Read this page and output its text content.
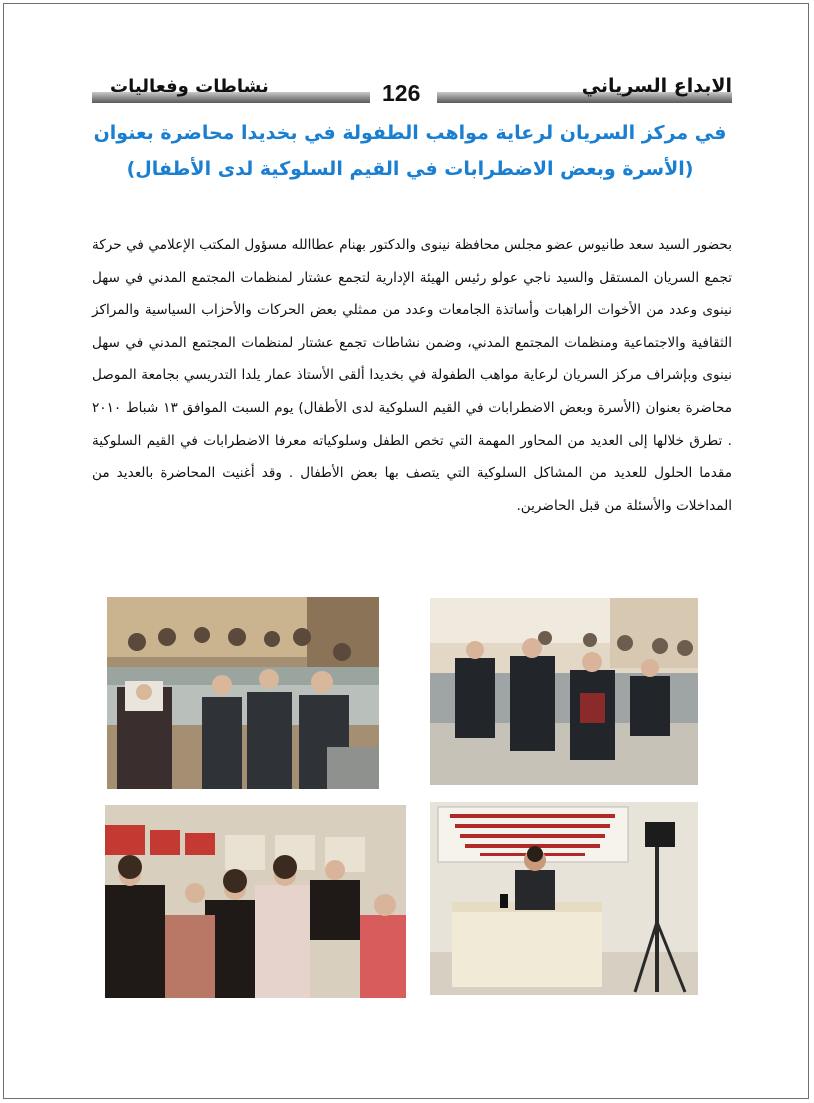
نشاطات وفعاليات	126	الابداع السرياني
في مركز السريان لرعاية مواهب الطفولة في بخديدا محاضرة بعنوان
(الأسرة وبعض الاضطرابات في القيم السلوكية لدى الأطفال)
بحضور السيد سعد طانيوس عضو مجلس محافظة نينوى والدكتور بهنام عطاالله مسؤول المكتب الإعلامي في حركة تجمع السريان المستقل والسيد ناجي عولو رئيس الهيئة الإدارية لتجمع عشتار لمنظمات المجتمع المدني في سهل نينوى وعدد من الأخوات الراهبات وأساتذة الجامعات وعدد من ممثلي بعض الحركات والأحزاب السياسية والمراكز الثقافية والاجتماعية ومنظمات المجتمع المدني، وضمن نشاطات تجمع عشتار لمنظمات المجتمع المدني في سهل نينوى وبإشراف مركز السريان لرعاية مواهب الطفولة في بخديدا ألقى الأستاذ عمار يلدا التدريسي بجامعة الموصل محاضرة بعنوان (الأسرة وبعض الاضطرابات في القيم السلوكية لدى الأطفال) يوم السبت الموافق ١٣ شباط ٢٠١٠ . تطرق خلالها إلى العديد من المحاور المهمة التي تخص الطفل وسلوكياته معرفا الاضطرابات في القيم السلوكية مقدما الحلول للعديد من المشاكل السلوكية التي يتصف بها بعض الأطفال . وقد أغنيت المحاضرة بالعديد من المداخلات والأسئلة من قبل الحاضرين.
